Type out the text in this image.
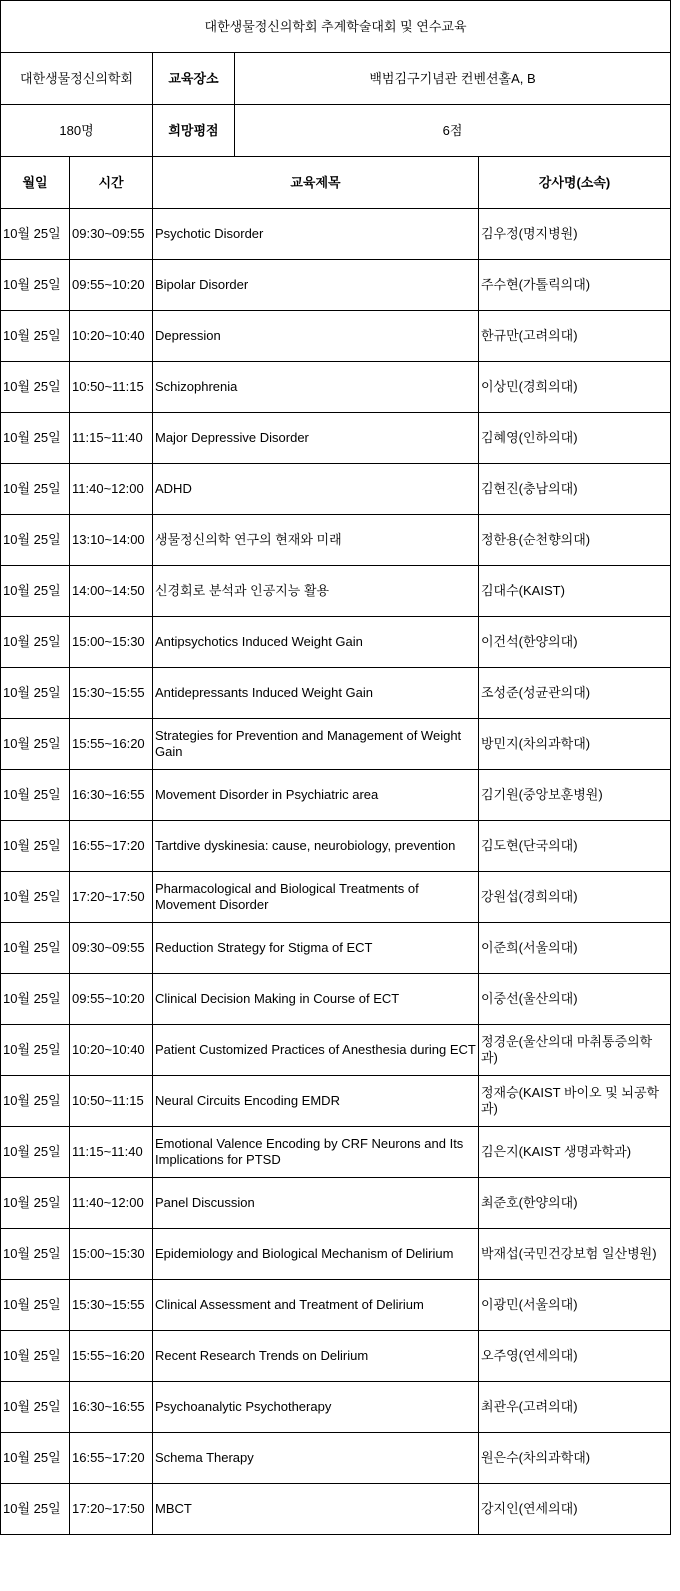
대한생물정신의학회 추계학술대회 및 연수교육				
대한생물정신의학회		교육장소	백범김구기념관 컨벤션홀A, B	
180명		희망평점	6점	
월일	시간	교육제목		강사명(소속)
10월 25일	09:30~09:55	Psychotic Disorder		김우정(명지병원)
10월 25일	09:55~10:20	Bipolar Disorder		주수현(가톨릭의대)
10월 25일	10:20~10:40	Depression		한규만(고려의대)
10월 25일	10:50~11:15	Schizophrenia		이상민(경희의대)
10월 25일	11:15~11:40	Major Depressive Disorder		김혜영(인하의대)
10월 25일	11:40~12:00	ADHD		김현진(충남의대)
10월 25일	13:10~14:00	생물정신의학 연구의 현재와 미래		정한용(순천향의대)
10월 25일	14:00~14:50	신경회로 분석과 인공지능 활용		김대수(KAIST)
10월 25일	15:00~15:30	Antipsychotics Induced Weight Gain		이건석(한양의대)
10월 25일	15:30~15:55	Antidepressants Induced Weight Gain		조성준(성균관의대)
10월 25일	15:55~16:20	Strategies for Prevention and Management of Weight Gain		방민지(차의과학대)
10월 25일	16:30~16:55	Movement Disorder in Psychiatric area		김기원(중앙보훈병원)
10월 25일	16:55~17:20	Tartdive dyskinesia: cause, neurobiology, prevention		김도현(단국의대)
10월 25일	17:20~17:50	Pharmacological and Biological Treatments of Movement Disorder		강원섭(경희의대)
10월 25일	09:30~09:55	Reduction Strategy for Stigma of ECT		이준희(서울의대)
10월 25일	09:55~10:20	Clinical Decision Making in Course of ECT		이중선(울산의대)
10월 25일	10:20~10:40	Patient Customized Practices of Anesthesia during ECT		정경운(울산의대 마취통증의학과)
10월 25일	10:50~11:15	Neural Circuits Encoding EMDR		정재승(KAIST 바이오 및 뇌공학과)
10월 25일	11:15~11:40	Emotional Valence Encoding by CRF Neurons and Its Implications for PTSD		김은지(KAIST 생명과학과)
10월 25일	11:40~12:00	Panel Discussion		최준호(한양의대)
10월 25일	15:00~15:30	Epidemiology and Biological Mechanism of Delirium		박재섭(국민건강보험 일산병원)
10월 25일	15:30~15:55	Clinical Assessment and Treatment of Delirium		이광민(서울의대)
10월 25일	15:55~16:20	Recent Research Trends on Delirium		오주영(연세의대)
10월 25일	16:30~16:55	Psychoanalytic Psychotherapy		최관우(고려의대)
10월 25일	16:55~17:20	Schema Therapy		원은수(차의과학대)
10월 25일	17:20~17:50	MBCT		강지인(연세의대)
